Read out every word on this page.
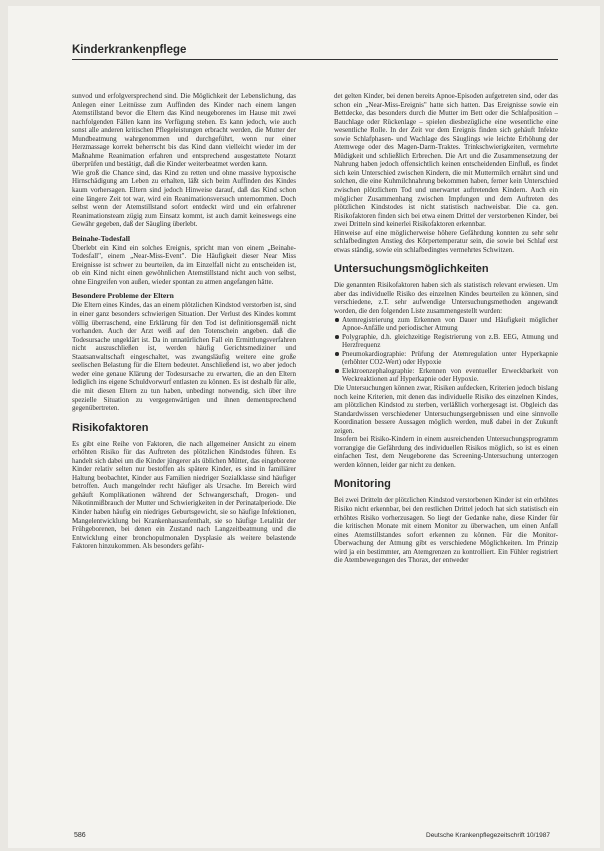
Kinderkrankenpflege

sunvod und erfolgversprechend sind. Die Möglichkeit der Lebenslichung, das Anlegen einer Leitnüsse zum Auffinden des Kinder nach einem langen Atemstillstand bevor die Eltern das Kind neugeborenes im Hause mit zwei nachfolgenden Fällen kann ins Verfügung stehen. Es kann jedoch, wie auch sonst alle anderen kritischen Pflegeleistungen erbracht werden, die Mutter der Mundbeatmung wahrgenommen und durchgeführt, wenn nur einer Herzmassage korrekt beherrscht bis das Kind dann vielleicht wieder im der Maßnahme Reanimation erfahren und entsprechend ausgestattete Notarzt überprüfen und bestätigt, daß die Kinder weiterbeatmet werden kann.

Wie groß die Chance sind, das Kind zu retten und ohne massive hypoxische Hirnschädigung am Leben zu erhalten, läßt sich beim Auffinden des Kindes kaum vorhersagen. Eltern sind jedoch Hinweise darauf, daß das Kind schon eine längere Zeit tot war, wird ein Reanimationsversuch unternommen. Doch selbst wenn der Atemstillstand sofort entdeckt wird und ein erfahrener Reanimationsteam zügig zum Einsatz kommt, ist auch damit keineswegs eine Gewähr gegeben, daß der Säugling überlebt.

Beinahe-Todesfall

Überlebt ein Kind ein solches Ereignis, spricht man von einem „Beinahe-Todesfall", einem „Near-Miss-Event". Die Häufigkeit dieser Near Miss Ereignisse ist schwer zu beurteilen, da im Einzelfall nicht zu entscheiden ist, ob ein Kind nicht einen gewöhnlichen Atemstillstand nicht auch von selbst, ohne Eingreifen von außen, wieder spontan zu atmen angefangen hätte.

Besondere Probleme der Eltern

Die Eltern eines Kindes, das an einem plötzlichen Kindstod verstorben ist, sind in einer ganz besonders schwierigen Situation. Der Verlust des Kindes kommt völlig überraschend, eine Erklärung für den Tod ist definitionsgemäß nicht vorhanden. Auch der Arzt weiß auf den Totenschein angeben. daß die Todesursache ungeklärt ist. Da in unnatürlichen Fall ein Ermittlungsverfahren nicht auszuschließen ist, werden häufig Gerichtsmediziner und Staatsanwaltschaft eingeschaltet, was zwangsläufig weitere eine große seelischen Belastung für die Eltern bedeutet. Anschließend ist, wo aber jedoch weder eine genaue Klärung der Todesursache zu erwarten, die an den Eltern lediglich ins eigene Schuldvorwurf entlasten zu können. Es ist deshalb für alle, die mit diesen Eltern zu tun haben, unbedingt notwendig, sich über ihre spezielle Situation zu vergegenwärtigen und ihnen dementsprechend gegenübertreten.

Risikofaktoren

Es gibt eine Reihe von Faktoren, die nach allgemeiner Ansicht zu einem erhöhten Risiko für das Auftreten des plötzlichen Kindstodes führen. Es handelt sich dabei um die Kinder jüngerer als üblichen Mütter, das eingeborene Kinder relativ selten nur bestoffen als spätere Kinder, es sind in familiärer Haltung beobachtet, Kinder aus Familien niedriger Sozialklasse sind häufiger betroffen. Auch mangelnder recht häufiger als Ursache. Im Bereich wird gehäuft Komplikationen während der Schwangerschaft, Drogen- und Nikotinmißbrauch der Mutter und Schwierigkeiten in der Perinatalperiode. Die Kinder haben häufig ein niedriges Geburtsgewicht, sie so häufige Infektionen, Mangelentwicklung bei Krankenhausaufenthalt, sie so häufige Letalität der Frühgeborenen, bei denen ein Zustand nach Langzeitbeatmung und die Entwicklung einer bronchopulmonalen Dysplasie als weitere belastende Faktoren hinzukommen. Als besonders gefähr-

det gelten Kinder, bei denen bereits Apnoe-Episoden aufgetreten sind, oder das schon ein „Near-Miss-Ereignis" hatte sich hatten. Das Ereignisse sowie ein Bettdecke, das besonders durch die Mutter im Bett oder die Schlafposition – Bauchlage oder Rückenlage – spielen diesbezügliche eine wesentliche eine wesentliche Rolle. In der Zeit vor dem Ereignis finden sich gehäuft Infekte sowie Schlafphasen- und Wachlage des Säuglings wie leichte Erhöhung der Atemwege oder des Magen-Darm-Traktes. Trinkschwierigkeiten, vermehrte Müdigkeit und schließlich Erbrechen. Die Art und die Zusammensetzung der Nahrung haben jedoch offensichtlich keinen entscheidenden Einfluß, es findet sich kein Unterschied zwischen Kindern, die mit Muttermilch ernährt sind und solchen, die eine Kuhmilchnahrung bekommen haben, ferner kein Unterschied zwischen plötzlichem Tod und unerwartet auftretenden Kindern. Auch ein möglicher Zusammenhang zwischen Impfungen und dem Auftreten des plötzlichen Kindstodes ist nicht statistisch nachweisbar. Die ca. gen. Risikofaktoren finden sich bei etwa einem Drittel der verstorbenen Kinder, bei zwei Dritteln sind keinerlei Risikofaktoren erkennbar.

Hinweise auf eine möglicherweise höhere Gefährdung konnten zu sehr sehr schlafbedingten Anstieg des Körpertemperatur sein, die sowie bei Schlaf erst etwas ständig, sowie ein schlafbedingtes vermehrtes Schwitzen.

Untersuchungsmöglichkeiten

Die genannten Risikofaktoren haben sich als statistisch relevant erwiesen. Um aber das individuelle Risiko des einzelnen Kindes beurteilen zu können, sind verschiedene, z.T. sehr aufwendige Untersuchungsmethoden angewandt worden, die den folgenden Liste zusammengestellt wurden:

Atemregistrierung zum Erkennen von Dauer und Häufigkeit möglicher Apnoe-Anfälle und periodischer Atmung
Polygraphie, d.h. gleichzeitige Registrierung von z.B. EEG, Atmung und Herzfrequenz
Pneumokardiographie: Prüfung der Atemregulation unter Hyperkapnie (erhöhter CO2-Wert) oder Hypoxie
Elektroenzephalographie: Erkennen von eventueller Erweckbarkeit von Weckreaktionen auf Hyperkapnie oder Hypoxie.

Die Untersuchungen können zwar, Risiken aufdecken, Kriterien jedoch bislang noch keine Kriterien, mit denen das individuelle Risiko des einzelnen Kindes, am plötzlichen Kindstod zu sterben, verläßlich vorhergesagt ist. Obgleich das Standardwissen verschiedener Untersuchungsergebnissen und eine sinnvolle Koordination bessere Aussagen möglich werden, muß dabei in der Zukunft zeigen.

Insofern bei Risiko-Kindern in einem ausreichenden Untersuchungsprogramm vorrangige die Gefährdung des individuellen Risikos möglich, so ist es einen einfachen Test, dem Neugeborene das Screening-Untersuchung unterzogen werden können, leider gar nicht zu denken.

Monitoring

Bei zwei Dritteln der plötzlichen Kindstod verstorbenen Kinder ist ein erhöhtes Risiko nicht erkennbar, bei den restlichen Drittel jedoch hat sich statistisch ein erhöhtes Risiko vorherzusagen. So liegt der Gedanke nahe, diese Kinder für die kritischen Monate mit einem Monitor zu überwachen, um einen Anfall eines Atemstillstandes sofort erkennen zu können. Für die Monitor-Überwachung der Atmung gibt es verschiedene Möglichkeiten. Im Prinzip wird ja ein bestimmter, am Atemgrenzen zu kontrolliert. Ein Fühler registriert die Atembewegungen des Thorax, der entweder

586	Deutsche Krankenpflegezeitschrift 10/1987
